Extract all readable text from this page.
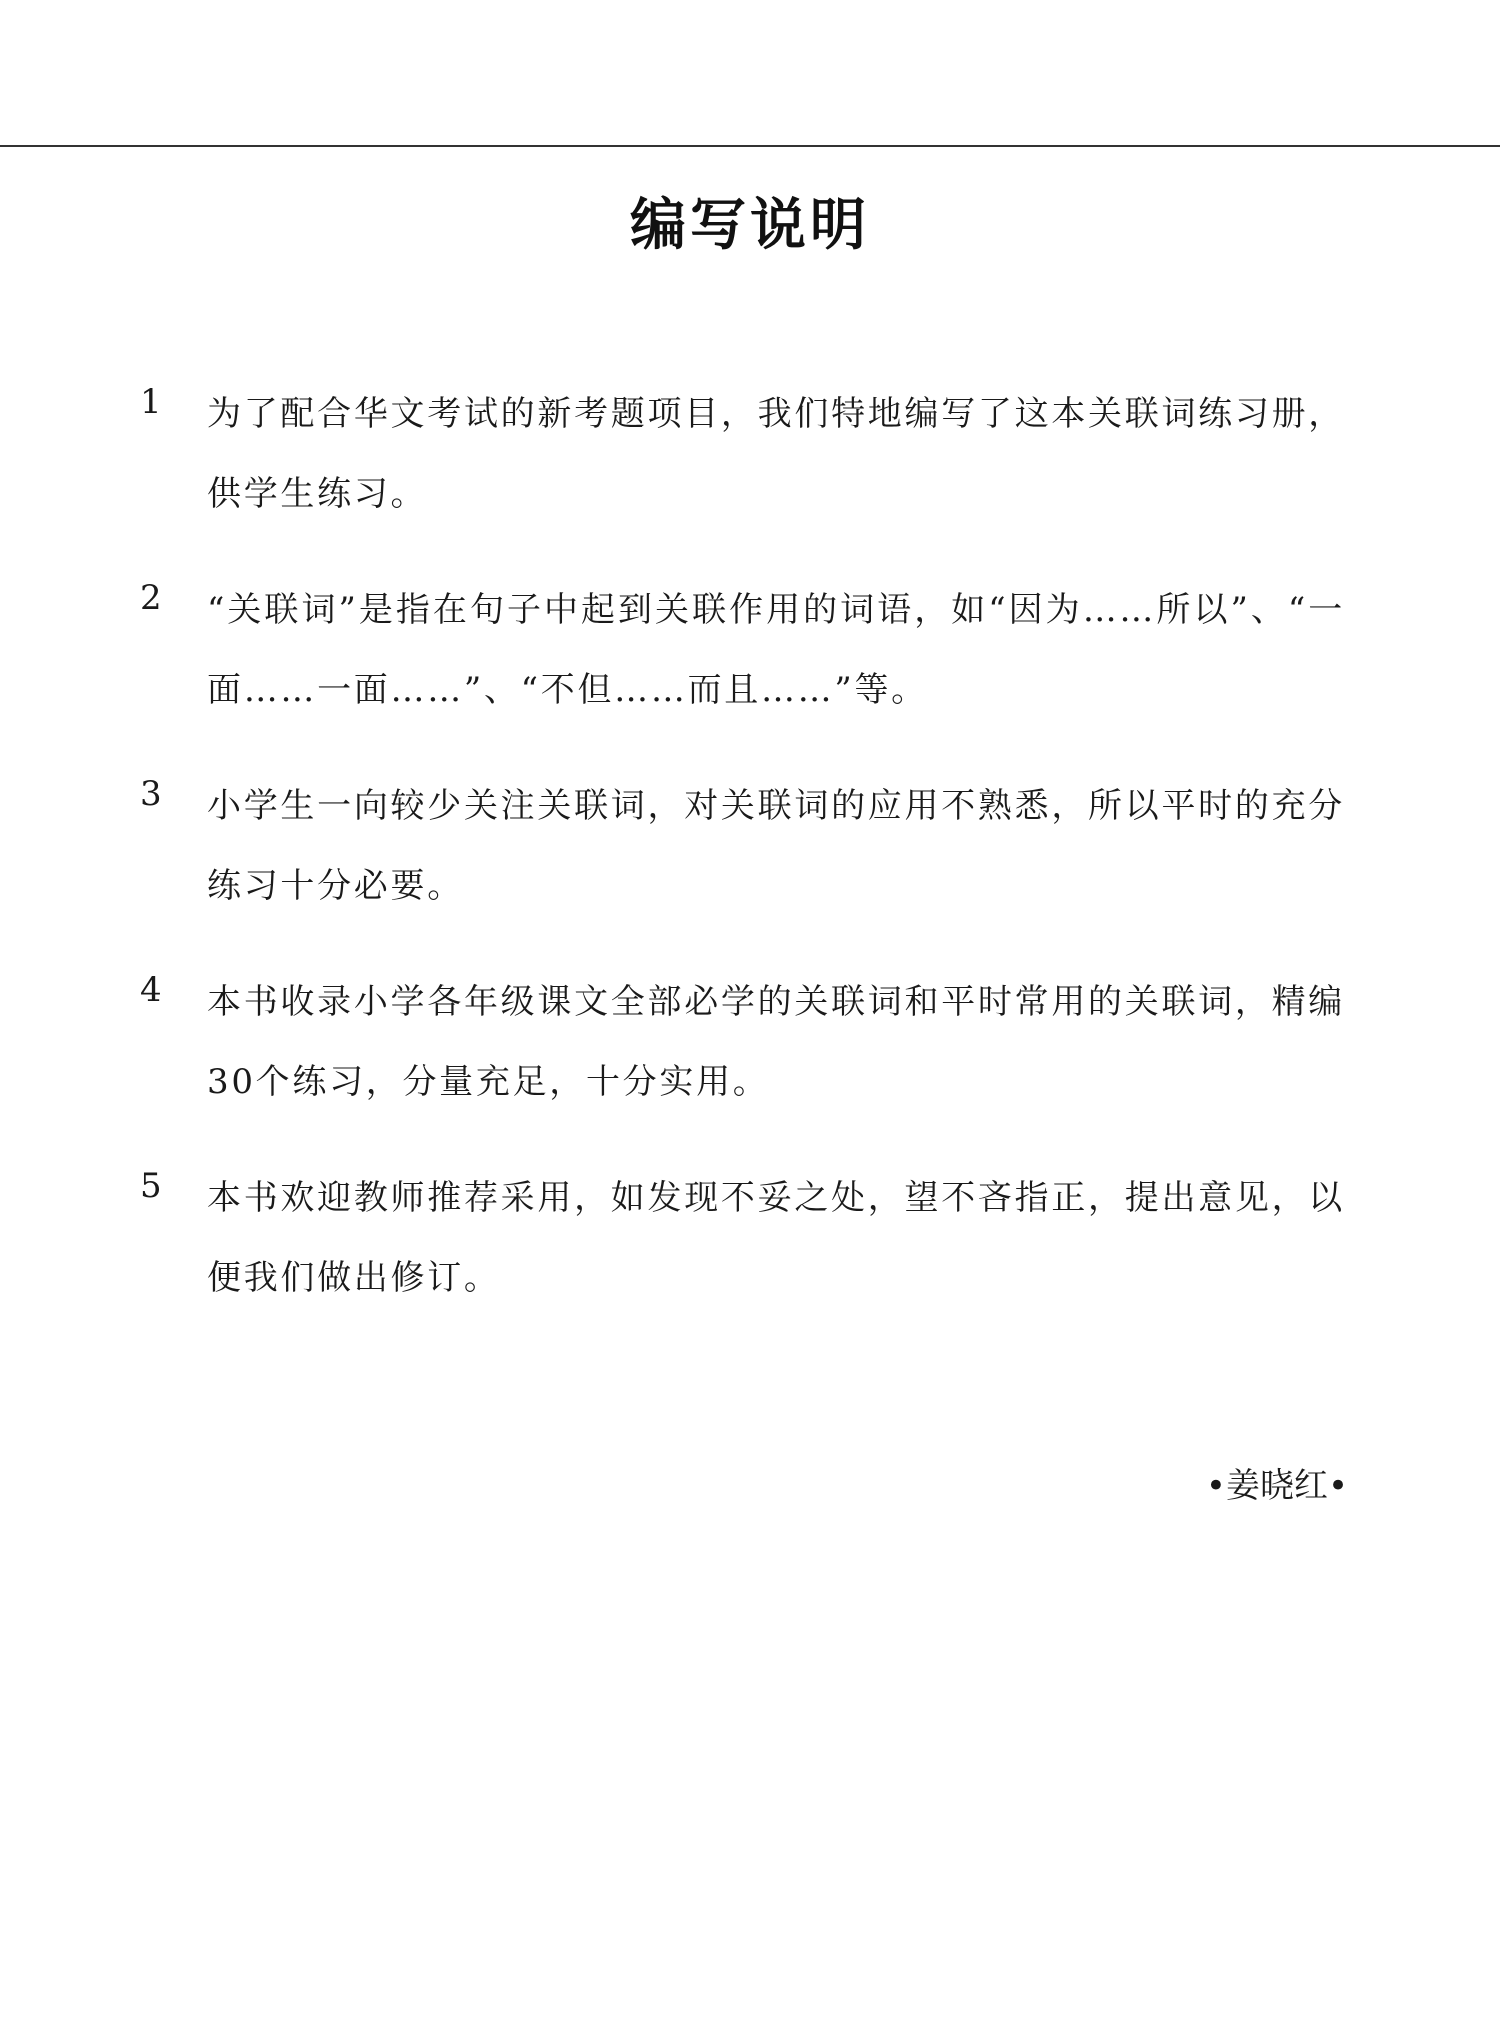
编写说明
1	为了配合华文考试的新考题项目，我们特地编写了这本关联词练习册，供学生练习。
2	“关联词”是指在句子中起到关联作用的词语，如“因为……所以”、“一面……一面……”、“不但……而且……”等。
3	小学生一向较少关注关联词，对关联词的应用不熟悉，所以平时的充分练习十分必要。
4	本书收录小学各年级课文全部必学的关联词和平时常用的关联词，精编30个练习，分量充足，十分实用。
5	本书欢迎教师推荐采用，如发现不妥之处，望不吝指正，提出意见，以便我们做出修订。
•姜晓红•
